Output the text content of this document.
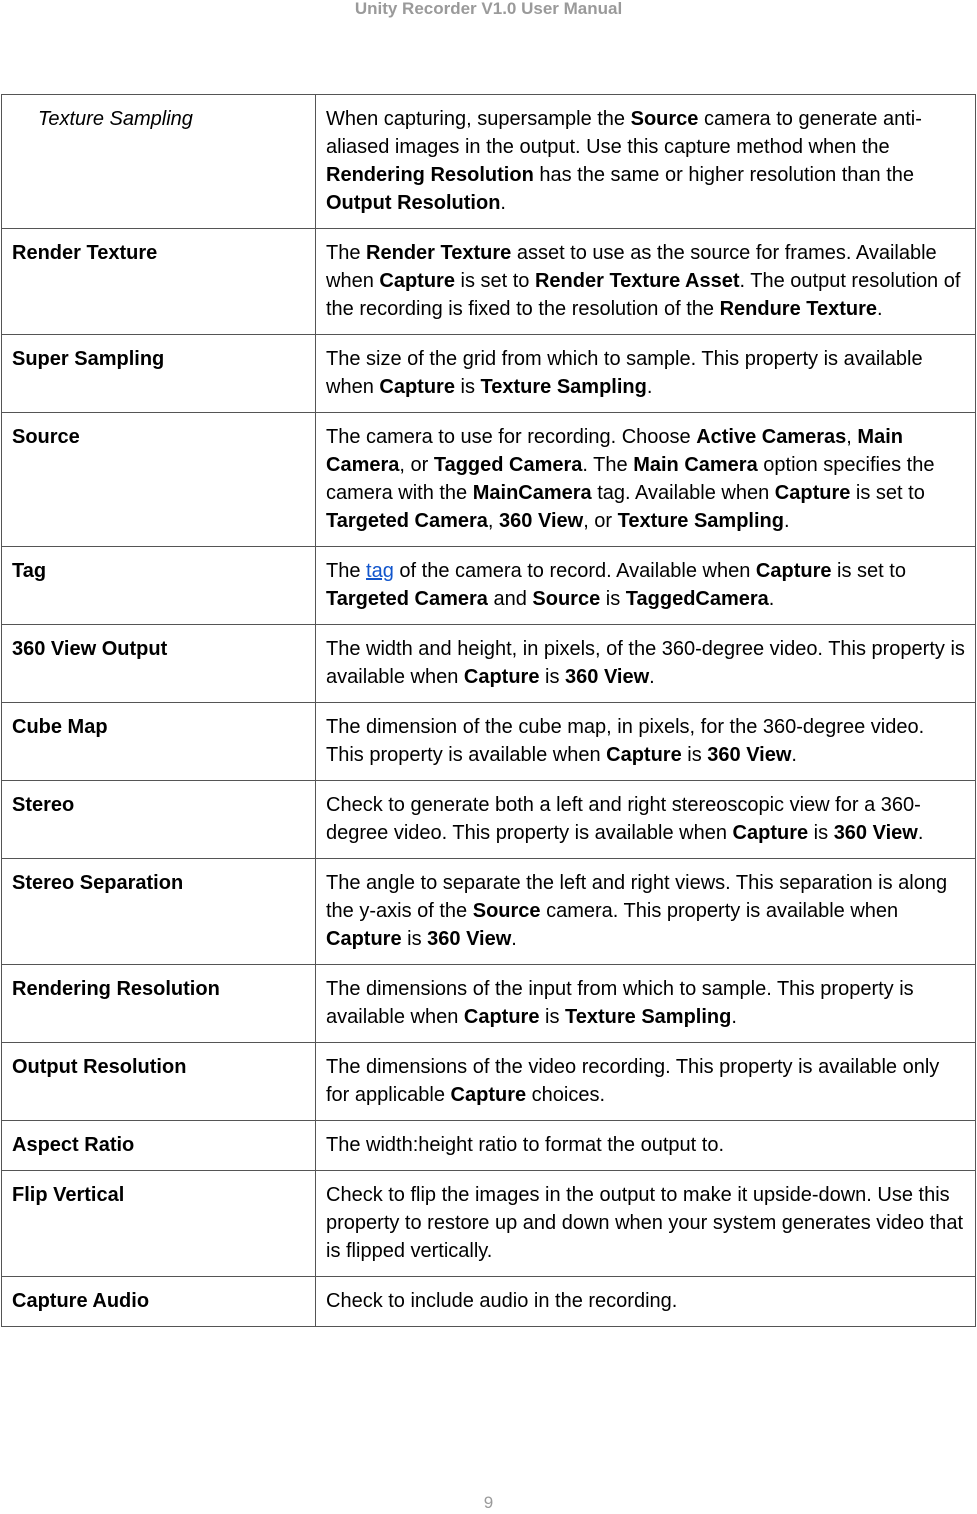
Unity Recorder V1.0 User Manual
Texture Sampling	When capturing, supersample the Source camera to generate anti-aliased images in the output. Use this capture method when the Rendering Resolution has the same or higher resolution than the Output Resolution.
Render Texture	The Render Texture asset to use as the source for frames. Available when Capture is set to Render Texture Asset. The output resolution of the recording is fixed to the resolution of the Rendure Texture.
Super Sampling	The size of the grid from which to sample. This property is available when Capture is Texture Sampling.
Source	The camera to use for recording. Choose Active Cameras, Main Camera, or Tagged Camera. The Main Camera option specifies the camera with the MainCamera tag. Available when Capture is set to Targeted Camera, 360 View, or Texture Sampling.
Tag	The tag of the camera to record. Available when Capture is set to Targeted Camera and Source is TaggedCamera.
360 View Output	The width and height, in pixels, of the 360-degree video. This property is available when Capture is 360 View.
Cube Map	The dimension of the cube map, in pixels, for the 360-degree video. This property is available when Capture is 360 View.
Stereo	Check to generate both a left and right stereoscopic view for a 360-degree video. This property is available when Capture is 360 View.
Stereo Separation	The angle to separate the left and right views. This separation is along the y-axis of the Source camera. This property is available when Capture is 360 View.
Rendering Resolution	The dimensions of the input from which to sample. This property is available when Capture is Texture Sampling.
Output Resolution	The dimensions of the video recording. This property is available only for applicable Capture choices.
Aspect Ratio	The width:height ratio to format the output to.
Flip Vertical	Check to flip the images in the output to make it upside-down. Use this property to restore up and down when your system generates video that is flipped vertically.
Capture Audio	Check to include audio in the recording.
9
